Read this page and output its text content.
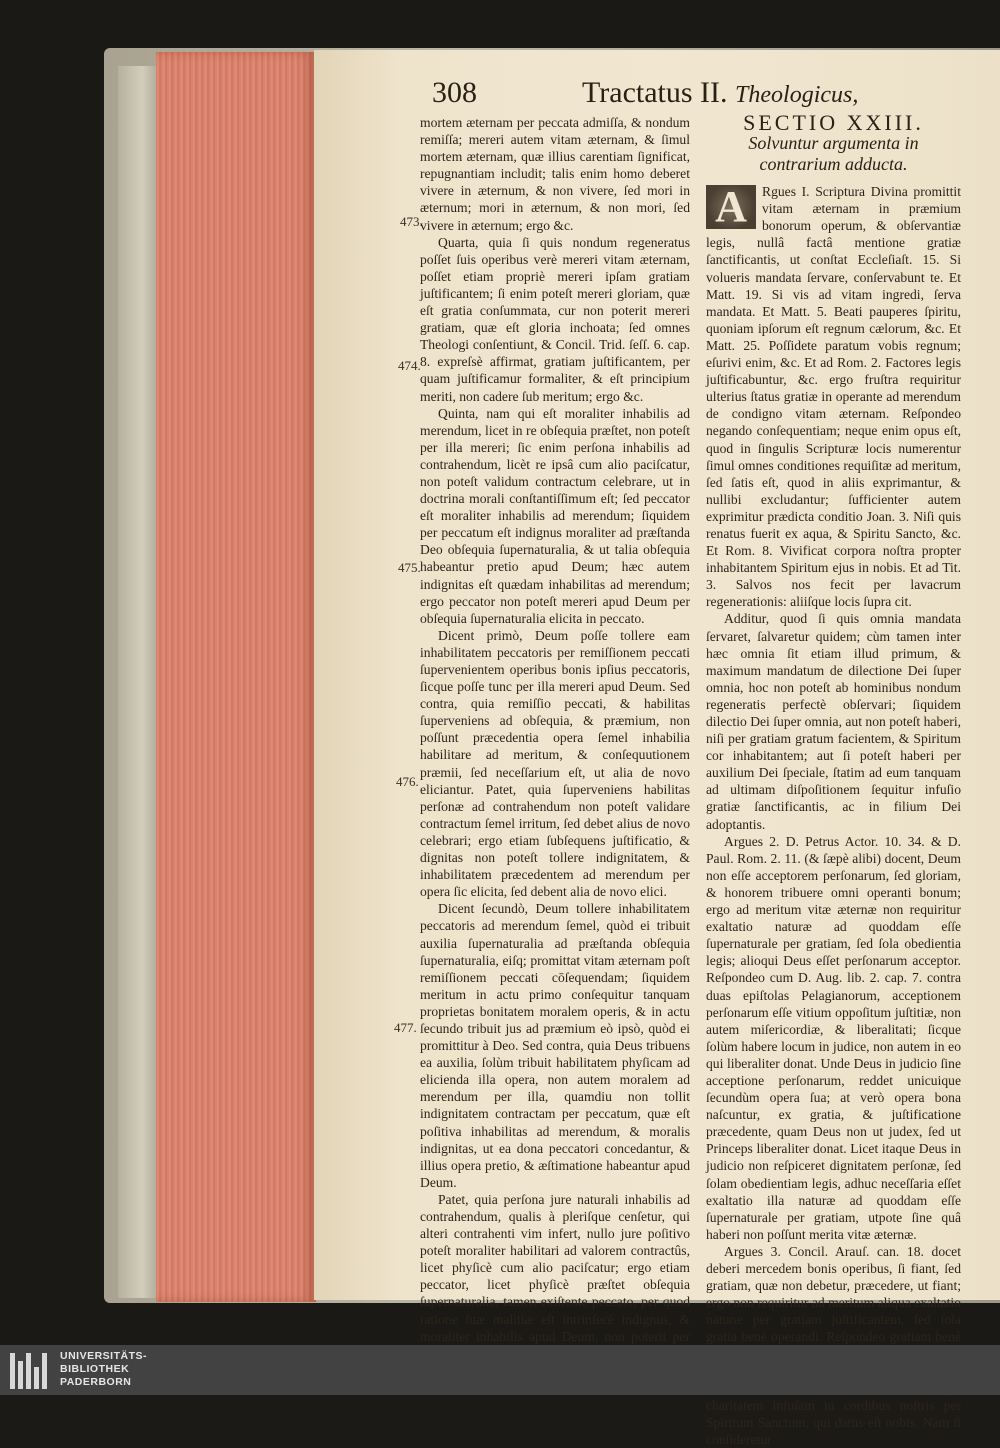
308	Tractatus II. Theologicus,
473.
474.
475.
476.
477.

mortem æternam per peccata admiſſa, & nondum remiſſa; mereri autem vitam æternam, & ſimul mortem æternam, quæ illius carentiam ſignificat, repugnantiam includit; talis enim homo deberet vivere in æternum, & non vivere, ſed mori in æternum; mori in æternum, & non mori, ſed vivere in æternum; ergo &c.

Quarta, quia ſi quis nondum regeneratus poſſet ſuis operibus verè mereri vitam æternam, poſſet etiam propriè mereri ipſam gratiam juſtificantem; ſi enim poteſt mereri gloriam, quæ eſt gratia conſummata, cur non poterit mereri gratiam, quæ eſt gloria inchoata; ſed omnes Theologi conſentiunt, & Concil. Trid. ſeſſ. 6. cap. 8. expreſsè affirmat, gratiam juſtificantem, per quam juſtificamur formaliter, & eſt principium meriti, non cadere ſub meritum; ergo &c.

Quinta, nam qui eſt moraliter inhabilis ad merendum, licet in re obſequia præſtet, non poteſt per illa mereri; ſic enim perſona inhabilis ad contrahendum, licèt re ipsâ cum alio paciſcatur, non poteſt validum contractum celebrare, ut in doctrina morali conſtantiſſimum eſt; ſed peccator eſt moraliter inhabilis ad merendum; ſiquidem per peccatum eſt indignus moraliter ad præſtanda Deo obſequia ſupernaturalia, & ut talia obſequia habeantur pretio apud Deum; hæc autem indignitas eſt quædam inhabilitas ad merendum; ergo peccator non poteſt mereri apud Deum per obſequia ſupernaturalia elicita in peccato.

Dicent primò, Deum poſſe tollere eam inhabilitatem peccatoris per remiſſionem peccati ſupervenientem operibus bonis ipſius peccatoris, ſicque poſſe tunc per illa mereri apud Deum. Sed contra, quia remiſſio peccati, & habilitas ſuperveniens ad obſequia, & præmium, non poſſunt præcedentia opera ſemel inhabilia habilitare ad meritum, & conſequutionem præmii, ſed neceſſarium eſt, ut alia de novo eliciantur. Patet, quia ſuperveniens habilitas perſonæ ad contrahendum non poteſt validare contractum ſemel irritum, ſed debet alius de novo celebrari; ergo etiam ſubſequens juſtificatio, & dignitas non poteſt tollere indignitatem, & inhabilitatem præcedentem ad merendum per opera ſic elicita, ſed debent alia de novo elici.

Dicent ſecundò, Deum tollere inhabilitatem peccatoris ad merendum ſemel, quòd ei tribuit auxilia ſupernaturalia ad præſtanda obſequia ſupernaturalia, eiſq; promittat vitam æternam poſt remiſſionem peccati cōſequendam; ſiquidem meritum in actu primo conſequitur tanquam proprietas bonitatem moralem operis, & in actu ſecundo tribuit jus ad præmium eò ipsò, quòd ei promittitur à Deo. Sed contra, quia Deus tribuens ea auxilia, ſolùm tribuit habilitatem phyſicam ad elicienda illa opera, non autem moralem ad merendum per illa, quamdiu non tollit indignitatem contractam per peccatum, quæ eſt poſitiva inhabilitas ad merendum, & moralis indignitas, ut ea dona peccatori concedantur, & illius opera pretio, & æſtimatione habeantur apud Deum.

Patet, quia perſona jure naturali inhabilis ad contrahendum, qualis à pleriſque cenſetur, qui alteri contrahenti vim infert, nullo jure poſitivo poteſt moraliter habilitari ad valorem contractûs, licet phyſicè cum alio paciſcatur; ergo etiam peccator, licet phyſicè præſtet obſequia ſupernaturalia, tamen exiſtente peccato, per quod ratione ſuæ malitiæ eſt intrinſecè indignus, & moraliter inhabilis apud Deum, non poterit per

SECTIO XXIII.
Solvuntur argumenta in contrarium adducta.

A	Rgues I. Scriptura Divina promittit vitam æternam in præmium bonorum operum, & obſervantiæ legis, nullâ factâ mentione gratiæ ſanctificantis, ut conſtat Eccleſiaſt. 15. Si volueris mandata ſervare, conſervabunt te. Et Matt. 19. Si vis ad vitam ingredi, ſerva mandata. Et Matt. 5. Beati pauperes ſpiritu, quoniam ipſorum eſt regnum cælorum, &c. Et Matt. 25. Poſſidete paratum vobis regnum; eſurivi enim, &c. Et ad Rom. 2. Factores legis juſtificabuntur, &c. ergo fruſtra requiritur ulterius ſtatus gratiæ in operante ad merendum de condigno vitam æternam. Reſpondeo negando conſequentiam; neque enim opus eſt, quod in ſingulis Scripturæ locis numerentur ſimul omnes conditiones requiſitæ ad meritum, ſed ſatis eſt, quod in aliis exprimantur, & nullibi excludantur; ſufficienter autem exprimitur prædicta conditio Joan. 3. Niſi quis renatus fuerit ex aqua, & Spiritu Sancto, &c. Et Rom. 8. Vivificat corpora noſtra propter inhabitantem Spiritum ejus in nobis. Et ad Tit. 3. Salvos nos fecit per lavacrum regenerationis: aliiſque locis ſupra cit.

Additur, quod ſi quis omnia mandata ſervaret, ſalvaretur quidem; cùm tamen inter hæc omnia ſit etiam illud primum, & maximum mandatum de dilectione Dei ſuper omnia, hoc non poteſt ab hominibus nondum regeneratis perfectè obſervari; ſiquidem dilectio Dei ſuper omnia, aut non poteſt haberi, niſi per gratiam gratum facientem, & Spiritum cor inhabitantem; aut ſi poteſt haberi per auxilium Dei ſpeciale, ſtatim ad eum tanquam ad ultimam diſpoſitionem ſequitur infuſio gratiæ ſanctificantis, ac in filium Dei adoptantis.

Argues 2. D. Petrus Actor. 10. 34. & D. Paul. Rom. 2. 11. (& ſæpè alibi) docent, Deum non eſſe acceptorem perſonarum, ſed gloriam, & honorem tribuere omni operanti bonum; ergo ad meritum vitæ æternæ non requiritur exaltatio naturæ ad quoddam eſſe ſupernaturale per gratiam, ſed ſola obedientia legis; alioqui Deus eſſet perſonarum acceptor. Reſpondeo cum D. Aug. lib. 2. cap. 7. contra duas epiſtolas Pelagianorum, acceptionem perſonarum eſſe vitium oppoſitum juſtitiæ, non autem miſericordiæ, & liberalitati; ſicque ſolùm habere locum in judice, non autem in eo qui liberaliter donat. Unde Deus in judicio ſine acceptione perſonarum, reddet unicuique ſecundùm opera ſua; at verò opera bona naſcuntur, ex gratia, & juſtificatione præcedente, quam Deus non ut judex, ſed ut Princeps liberaliter donat. Licet itaque Deus in judicio non reſpiceret dignitatem perſonæ, ſed ſolam obedientiam legis, adhuc neceſſaria eſſet exaltatio illa naturæ ad quoddam eſſe ſupernaturale per gratiam, utpote ſine quâ haberi non poſſunt merita vitæ æternæ.

Argues 3. Concil. Arauſ. can. 18. docet deberi mercedem bonis operibus, ſi fiant, ſed gratiam, quæ non debetur, præcedere, ut fiant; ergo non requiritur ad meritum aliqua exaltatio naturæ per gratiam juſtificantem, ſed ſola gratia benè operandi. Reſpondeo gratiam benè charitatem infuſam in cordibus noſtris per Spiritum Sanctum, qui datus eſt nobis. Nam ſi conſideretur

UNIVERSITÄTS-
BIBLIOTHEK
PADERBORN
